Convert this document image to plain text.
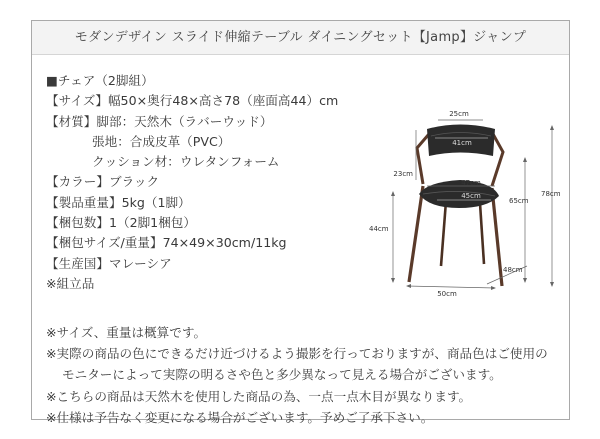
モダンデザイン スライド伸縮テーブル ダイニングセット【Jamp】ジャンプ
■チェア（2脚組）
【サイズ】幅50×奥行48×高さ78（座面高44）cm
【材質】脚部：天然木（ラバーウッド）
張地：合成皮革（PVC）
クッション材：ウレタンフォーム
【カラー】ブラック
【製品重量】5kg（1脚）
【梱包数】1（2脚1梱包）
【梱包サイズ/重量】74×49×30cm/11kg
【生産国】マレーシア
※組立品
25cm
41cm
23cm
47cm
45cm	78cm
65cm
44cm
48cm
50cm
※サイズ、重量は概算です。
※実際の商品の色にできるだけ近づけるよう撮影を行っておりますが、商品色はご使用の
モニターによって実際の明るさや色と多少異なって見える場合がございます。
※こちらの商品は天然木を使用した商品の為、一点一点木目が異なります。
※仕様は予告なく変更になる場合がございます。予めご了承下さい。
